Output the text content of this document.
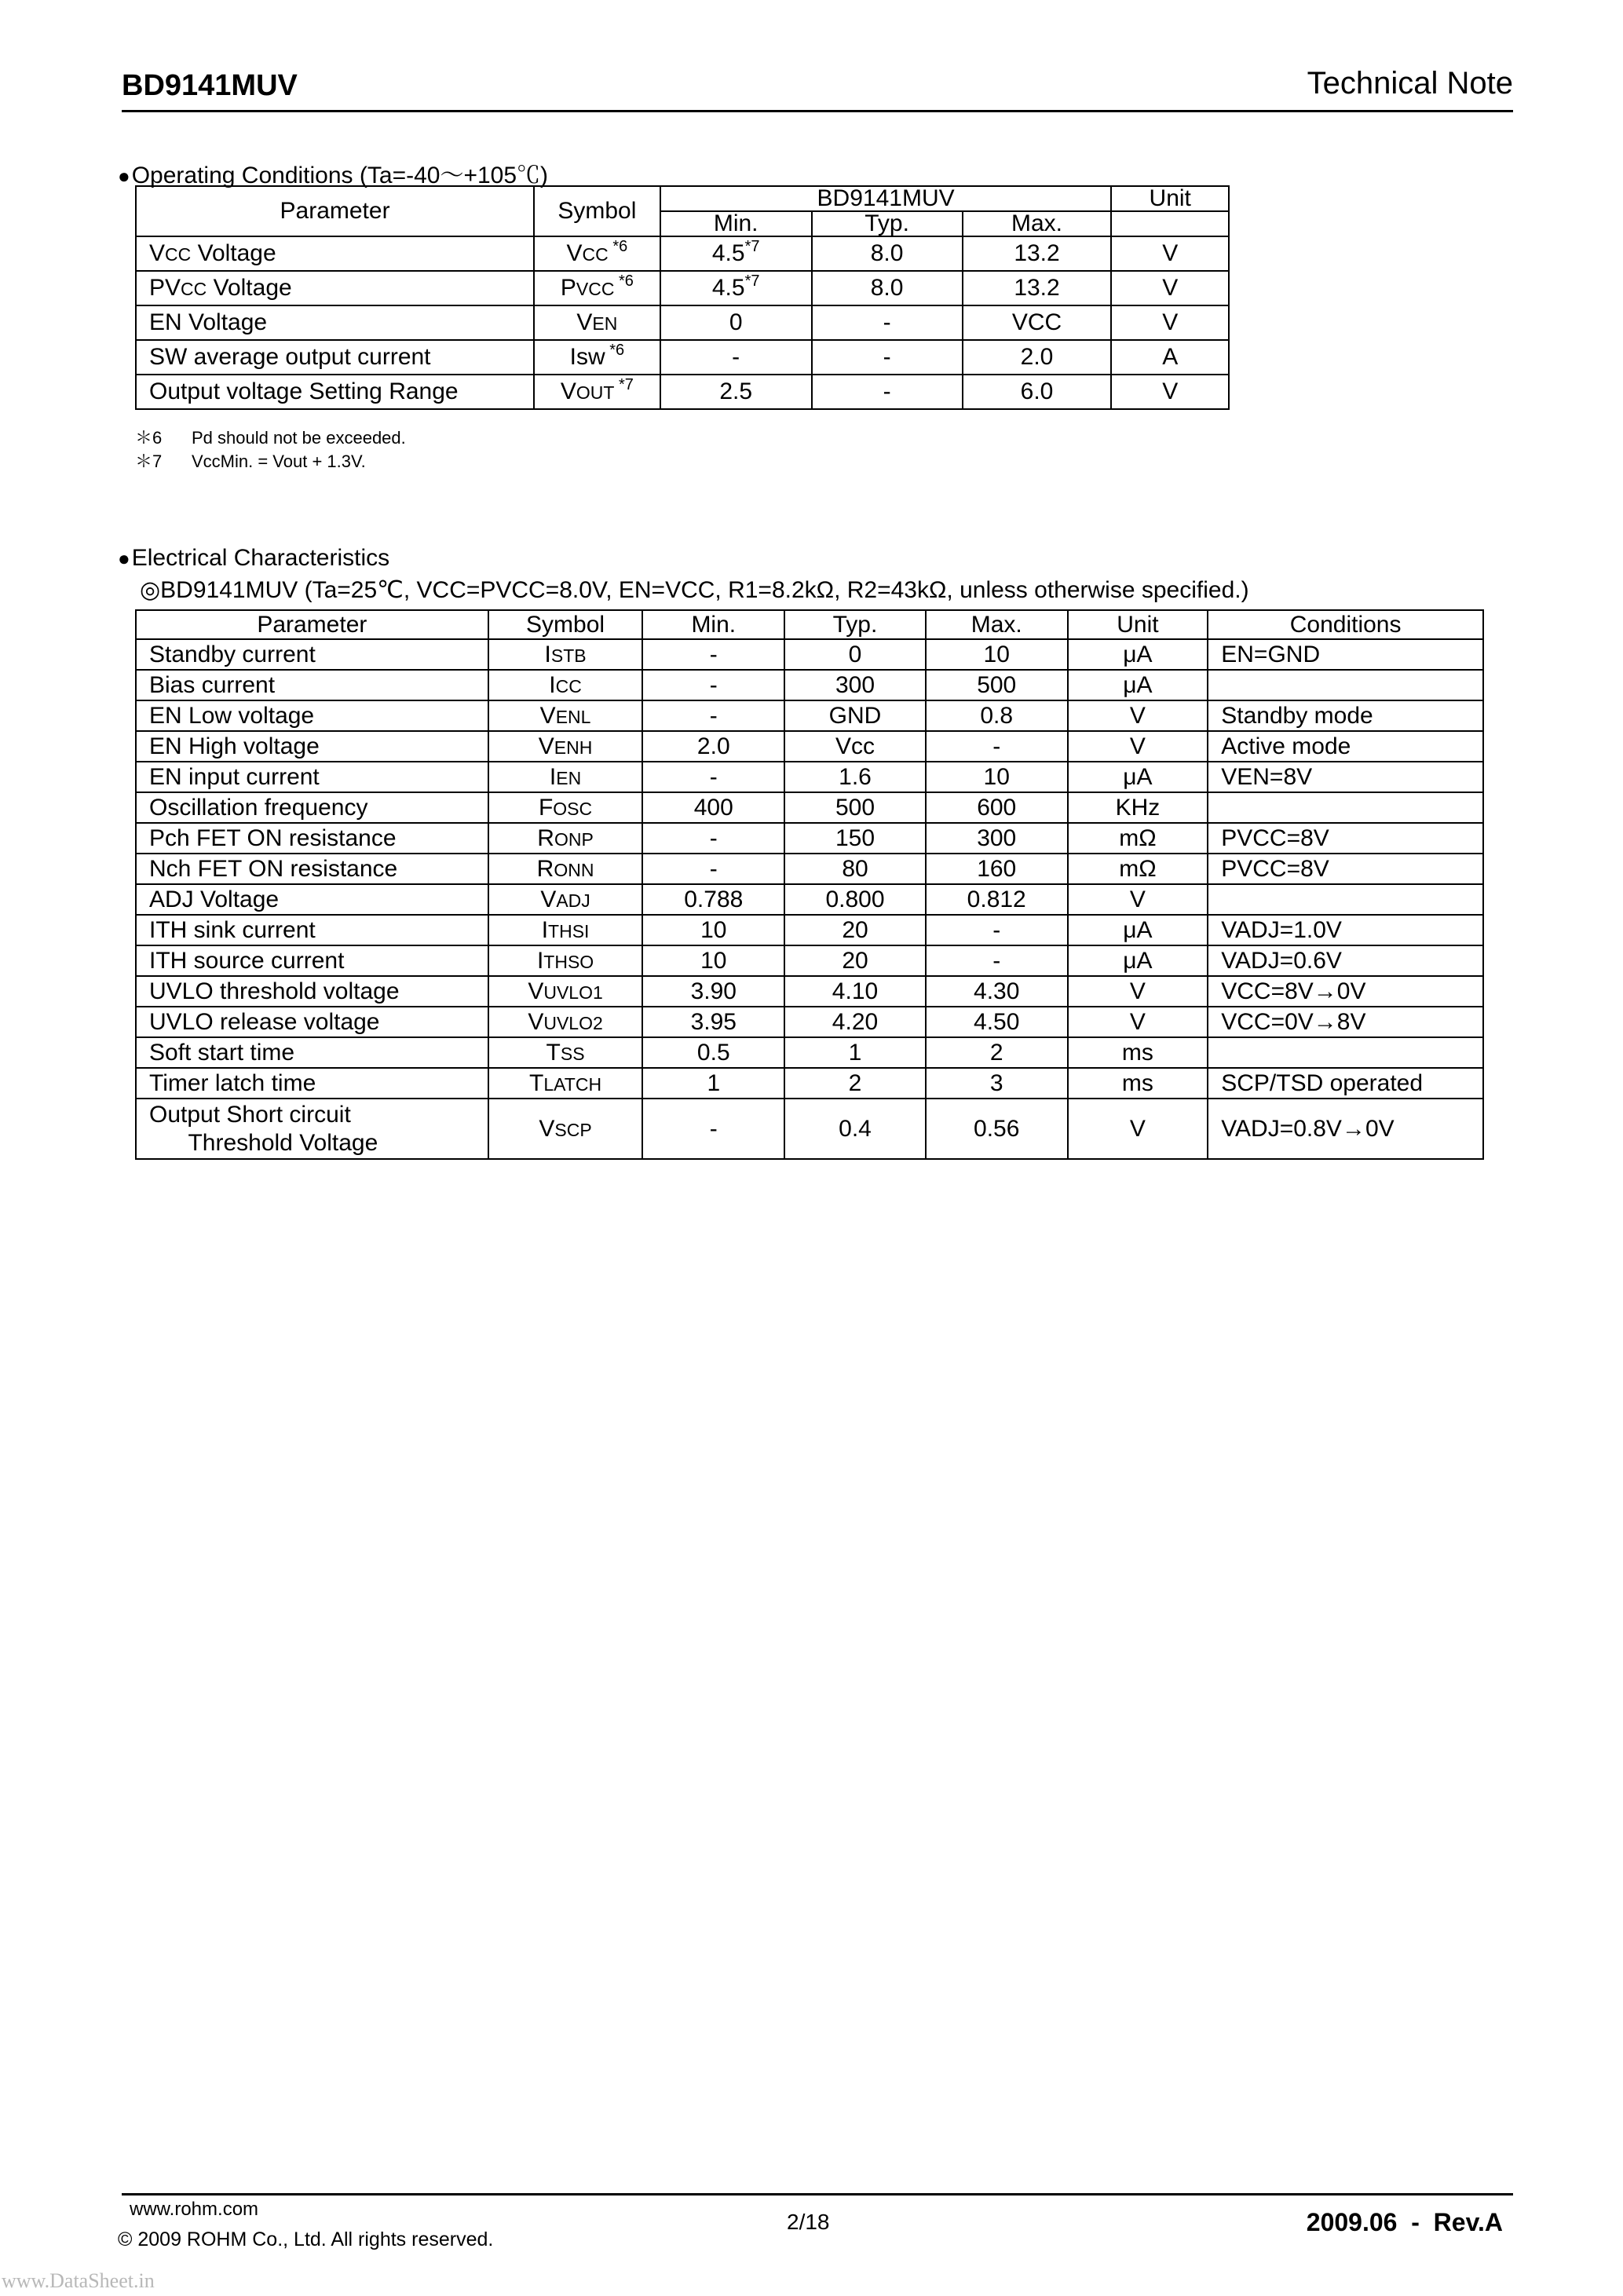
BD9141MUV	Technical Note
●Operating Conditions (Ta=-40～+105℃)
Parameter	Symbol	BD9141MUV			Unit
		Min.	Typ.	Max.	
VCC Voltage	VCC $^{*6}$	4.5$^{*7}$	8.0	13.2	V
PVCC Voltage	PVCC $^{*6}$	4.5$^{*7}$	8.0	13.2	V
EN Voltage	VEN	0	-	VCC	V
SW average output current	Isw $^{*6}$	-	-	2.0	A
Output voltage Setting Range	VOUT $^{*7}$	2.5	-	6.0	V
＊6 Pd should not be exceeded.
＊7 VccMin. = Vout + 1.3V.
●Electrical Characteristics
◎BD9141MUV (Ta=25℃, VCC=PVCC=8.0V, EN=VCC, R1=8.2kΩ, R2=43kΩ, unless otherwise specified.)
Parameter	Symbol	Min.	Typ.	Max.	Unit	Conditions
Standby current	ISTB	-	0	10	μA	EN=GND
Bias current	ICC	-	300	500	μA	
EN Low voltage	VENL	-	GND	0.8	V	Standby mode
EN High voltage	VENH	2.0	Vcc	-	V	Active mode
EN input current	IEN	-	1.6	10	μA	VEN=8V
Oscillation frequency	FOSC	400	500	600	KHz	
Pch FET ON resistance	RONP	-	150	300	mΩ	PVCC=8V
Nch FET ON resistance	RONN	-	80	160	mΩ	PVCC=8V
ADJ Voltage	VADJ	0.788	0.800	0.812	V	
ITH sink current	ITHSI	10	20	-	μA	VADJ=1.0V
ITH source current	ITHSO	10	20	-	μA	VADJ=0.6V
UVLO threshold voltage	VUVLO1	3.90	4.10	4.30	V	VCC=8V→0V
UVLO release voltage	VUVLO2	3.95	4.20	4.50	V	VCC=0V→8V
Soft start time	TSS	0.5	1	2	ms	
Timer latch time	TLATCH	1	2	3	ms	SCP/TSD operated
Output Short circuit
Threshold Voltage	VSCP	-	0.4	0.56	V	VADJ=0.8V→0V
www.rohm.com
© 2009 ROHM Co., Ltd. All rights reserved.
2/18	2009.06  -  Rev.A
www.DataSheet.in
